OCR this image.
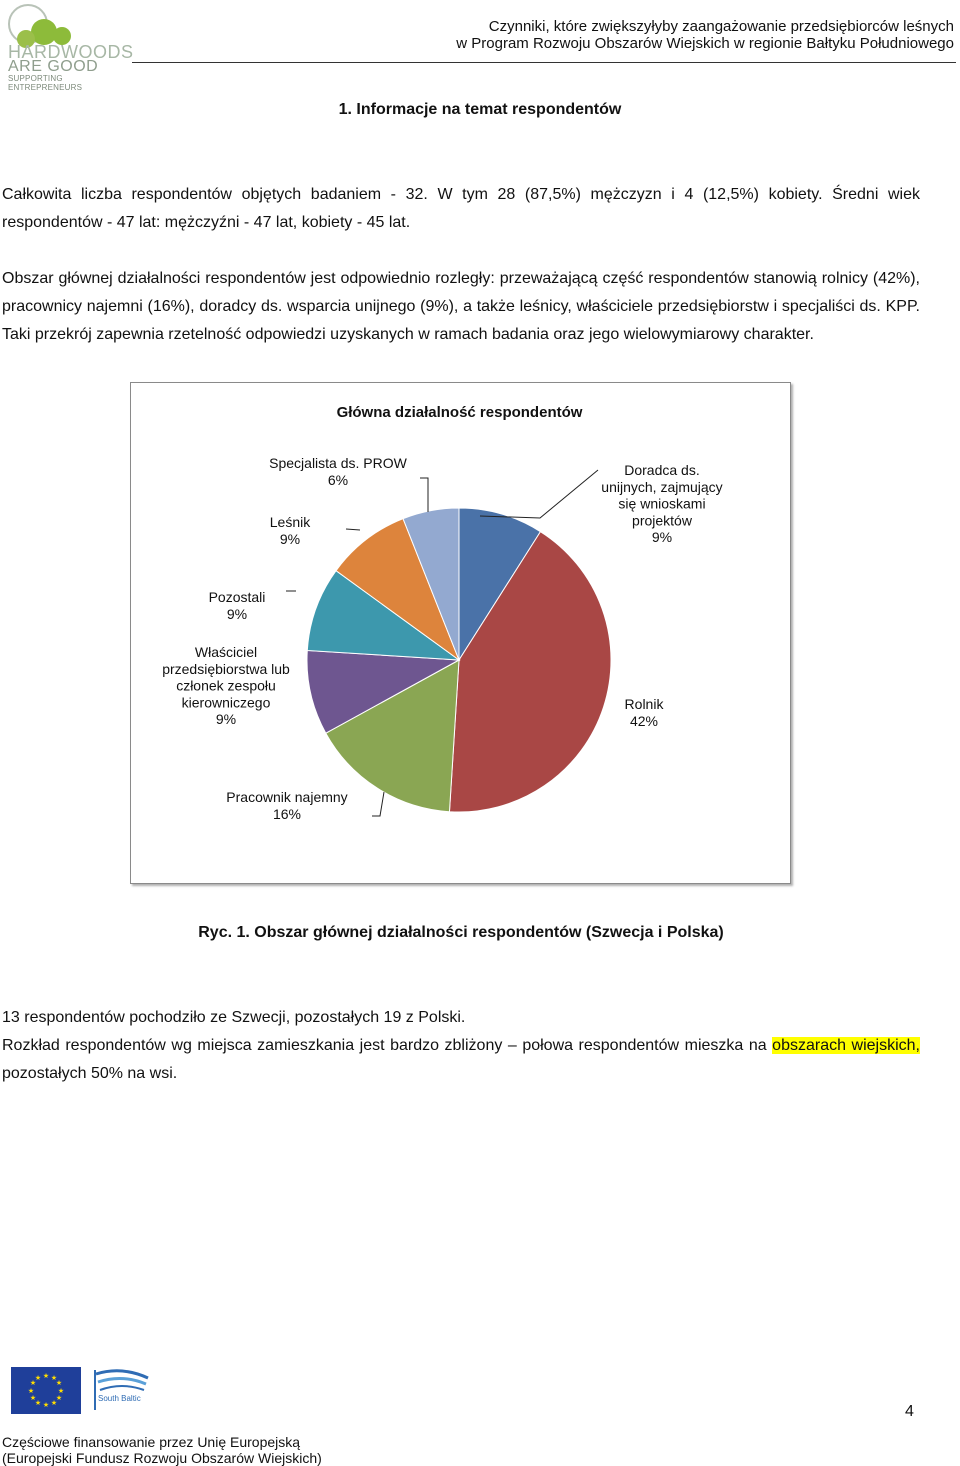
HARDWOODS
ARE GOOD
SUPPORTING ENTREPRENEURS
Czynniki, które zwiększyłyby zaangażowanie przedsiębiorców leśnych
w Program Rozwoju Obszarów Wiejskich w regionie Bałtyku Południowego
1. Informacje na temat respondentów
Całkowita liczba respondentów objętych badaniem - 32. W tym 28 (87,5%) mężczyzn i 4 (12,5%) kobiety. Średni wiek respondentów - 47 lat: mężczyźni - 47 lat, kobiety - 45 lat.
Obszar głównej działalności respondentów jest odpowiednio rozległy: przeważającą część respondentów stanowią rolnicy (42%), pracownicy najemni (16%), doradcy ds. wsparcia unijnego (9%), a także leśnicy, właściciele przedsiębiorstw i specjaliści ds. KPP. Taki przekrój zapewnia rzetelność odpowiedzi uzyskanych w ramach badania oraz jego wielowymiarowy charakter.
Główna działalność respondentów
Doradca ds. unijnych, zajmujący się wnioskami projektów 9%
Rolnik 42%
Pracownik najemny 16%
Właściciel przedsiębiorstwa lub członek zespołu kierowniczego 9%
Pozostali 9%
Leśnik 9%
Specjalista ds. PROW 6%
Ryc. 1. Obszar głównej działalności respondentów (Szwecja i Polska)
13 respondentów pochodziło ze Szwecji, pozostałych 19 z Polski.
Rozkład respondentów wg miejsca zamieszkania jest bardzo zbliżony – połowa respondentów mieszka na obszarach wiejskich, pozostałych 50% na wsi.
★ ★
★
★
★
★
★
★
★
★
★
★
South Baltic
4
Częściowe finansowanie przez Unię Europejską
(Europejski Fundusz Rozwoju Obszarów Wiejskich)
